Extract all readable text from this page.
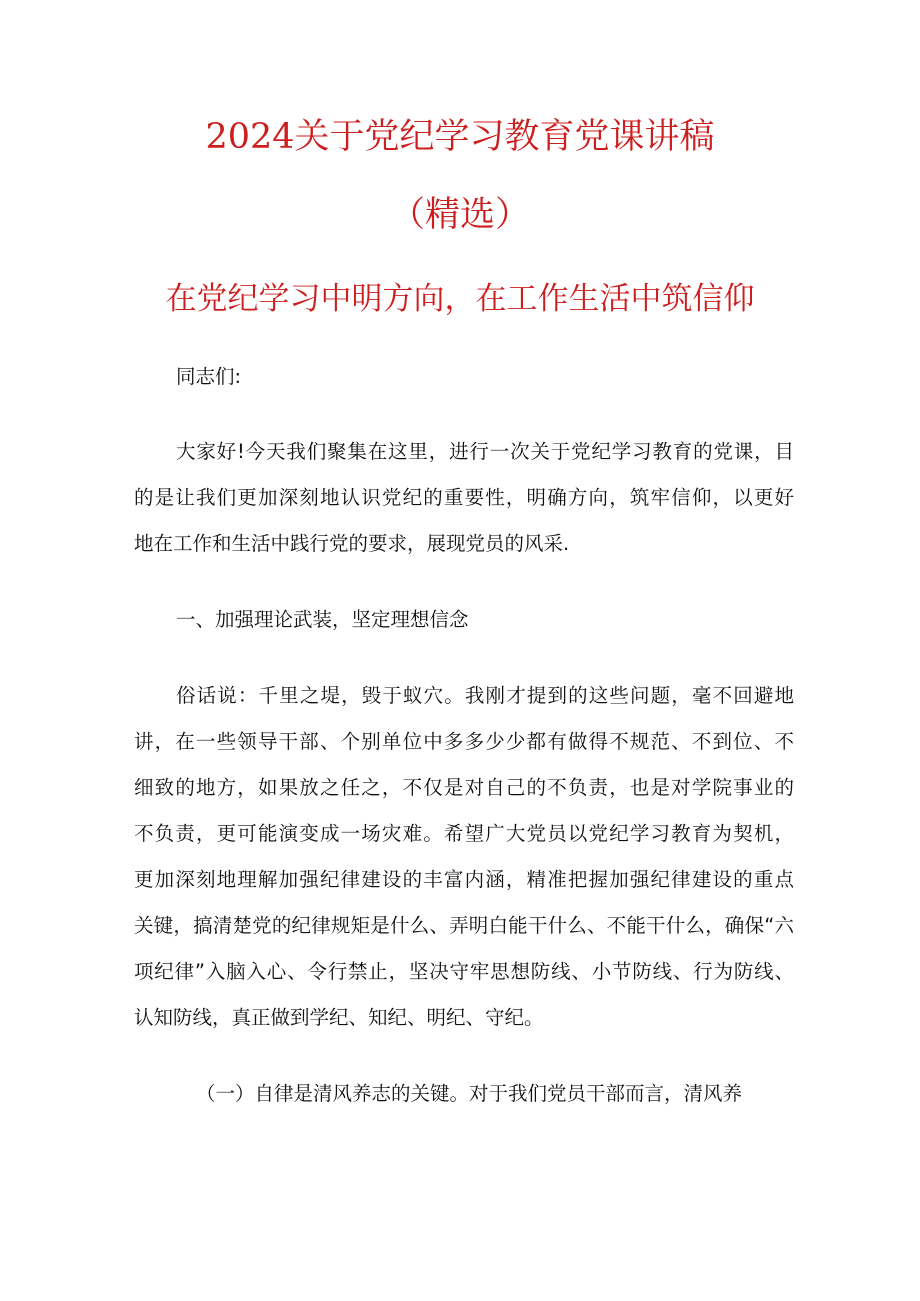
2024关于党纪学习教育党课讲稿
（精选）
在党纪学习中明方向，在工作生活中筑信仰
同志们:
大家好!今天我们聚集在这里，进行一次关于党纪学习教育的党课，目
的是让我们更加深刻地认识党纪的重要性，明确方向，筑牢信仰，以更好
地在工作和生活中践行党的要求，展现党员的风采.
一、加强理论武装，坚定理想信念
俗话说：千里之堤，毁于蚁穴。我刚才提到的这些问题，毫不回避地
讲，在一些领导干部、个别单位中多多少少都有做得不规范、不到位、不
细致的地方，如果放之任之，不仅是对自己的不负责，也是对学院事业的
不负责，更可能演变成一场灾难。希望广大党员以党纪学习教育为契机，
更加深刻地理解加强纪律建设的丰富内涵，精准把握加强纪律建设的重点
关键，搞清楚党的纪律规矩是什么、弄明白能干什么、不能干什么，确保“六
项纪律”入脑入心、令行禁止，坚决守牢思想防线、小节防线、行为防线、
认知防线，真正做到学纪、知纪、明纪、守纪。
（一）自律是清风养志的关键。对于我们党员干部而言，清风养
